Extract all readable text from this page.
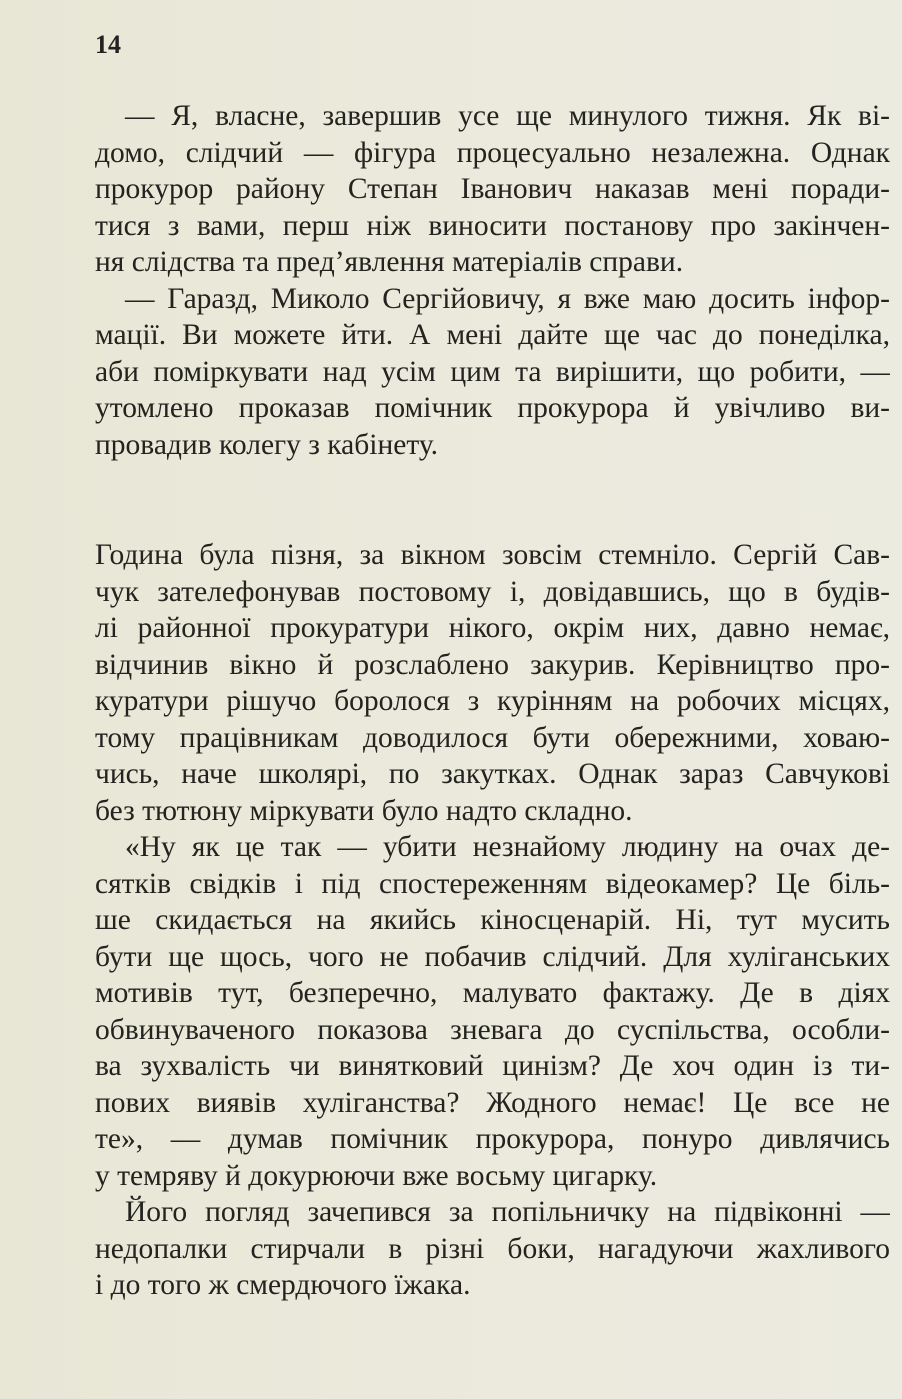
14
— Я, власне, завершив усе ще минулого тижня. Як ві-
домо, слідчий — фігура процесуально незалежна. Однак
прокурор району Степан Іванович наказав мені поради-
тися з вами, перш ніж виносити постанову про закінчен-
ня слідства та пред’явлення матеріалів справи.
— Гаразд, Миколо Сергійовичу, я вже маю досить інфор-
мації. Ви можете йти. А мені дайте ще час до понеділка,
аби поміркувати над усім цим та вирішити, що робити, —
утомлено проказав помічник прокурора й увічливо ви-
провадив колегу з кабінету.
Година була пізня, за вікном зовсім стемніло. Сергій Сав-
чук зателефонував постовому і, довідавшись, що в будів-
лі районної прокуратури нікого, окрім них, давно немає,
відчинив вікно й розслаблено закурив. Керівництво про-
куратури рішучо боролося з курінням на робочих місцях,
тому працівникам доводилося бути обережними, ховаю-
чись, наче школярі, по закутках. Однак зараз Савчукові
без тютюну міркувати було надто складно.
«Ну як це так — убити незнайому людину на очах де-
сятків свідків і під спостереженням відеокамер? Це біль-
ше скидається на якийсь кіносценарій. Ні, тут мусить
бути ще щось, чого не побачив слідчий. Для хуліганських
мотивів тут, безперечно, малувато фактажу. Де в діях
обвинуваченого показова зневага до суспільства, особли-
ва зухвалість чи винятковий цинізм? Де хоч один із ти-
пових виявів хуліганства? Жодного немає! Це все не
те», — думав помічник прокурора, понуро дивлячись
у темряву й докурюючи вже восьму цигарку.
Його погляд зачепився за попільничку на підвіконні —
недопалки стирчали в різні боки, нагадуючи жахливого
і до того ж смердючого їжака.
